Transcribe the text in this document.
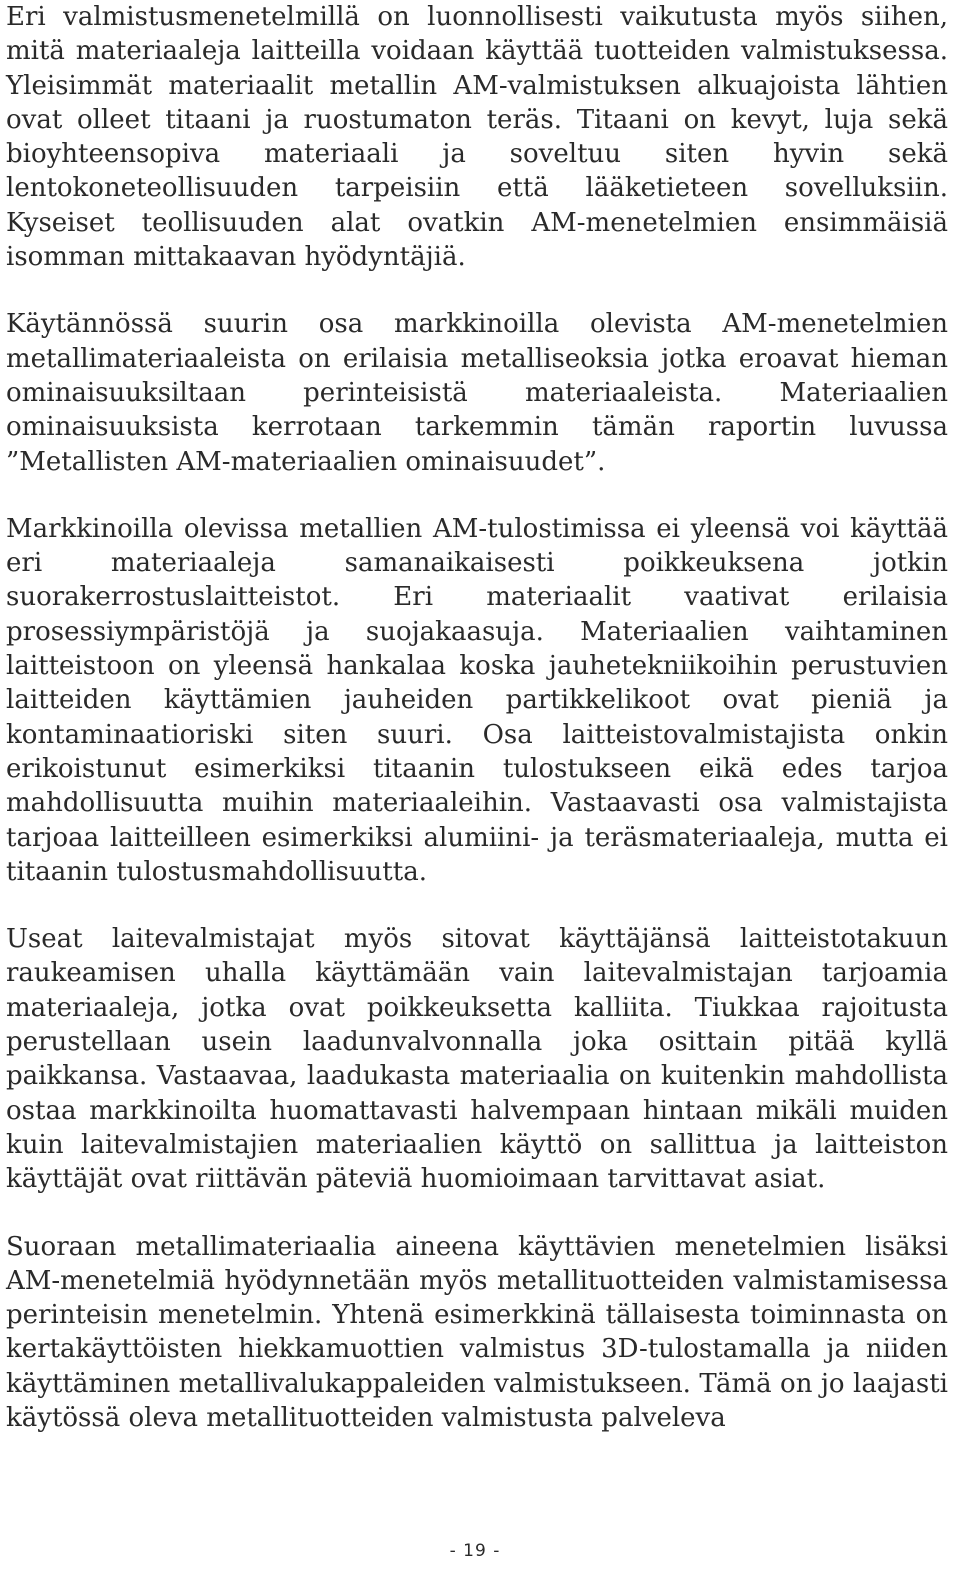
Eri valmistusmenetelmillä on luonnollisesti vaikutusta myös siihen, mitä materiaaleja laitteilla voidaan käyttää tuotteiden valmistuksessa. Yleisimmät materiaalit metallin AM-valmistuksen alkuajoista lähtien ovat olleet titaani ja ruostumaton teräs. Titaani on kevyt, luja sekä bioyhteensopiva materiaali ja soveltuu siten hyvin sekä lentokoneteollisuuden tarpeisiin että lääketieteen sovelluksiin. Kyseiset teollisuuden alat ovatkin AM-menetelmien ensimmäisiä isomman mittakaavan hyödyntäjiä.

Käytännössä suurin osa markkinoilla olevista AM-menetelmien metallimateriaaleista on erilaisia metalliseoksia jotka eroavat hieman ominaisuuksiltaan perinteisistä materiaaleista. Materiaalien ominaisuuksista kerrotaan tarkemmin tämän raportin luvussa ”Metallisten AM-materiaalien ominaisuudet”.

Markkinoilla olevissa metallien AM-tulostimissa ei yleensä voi käyttää eri materiaaleja samanaikaisesti poikkeuksena jotkin suorakerrostuslaitteistot. Eri materiaalit vaativat erilaisia prosessiympäristöjä ja suojakaasuja. Materiaalien vaihtaminen laitteistoon on yleensä hankalaa koska jauhetekniikoihin perustuvien laitteiden käyttämien jauheiden partikkelikoot ovat pieniä ja kontaminaatioriski siten suuri. Osa laitteistovalmistajista onkin erikoistunut esimerkiksi titaanin tulostukseen eikä edes tarjoa mahdollisuutta muihin materiaaleihin. Vastaavasti osa valmistajista tarjoaa laitteilleen esimerkiksi alumiini- ja teräsmateriaaleja, mutta ei titaanin tulostusmahdollisuutta.

Useat laitevalmistajat myös sitovat käyttäjänsä laitteistotakuun raukeamisen uhalla käyttämään vain laitevalmistajan tarjoamia materiaaleja, jotka ovat poikkeuksetta kalliita. Tiukkaa rajoitusta perustellaan usein laadunvalvonnalla joka osittain pitää kyllä paikkansa. Vastaavaa, laadukasta materiaalia on kuitenkin mahdollista ostaa markkinoilta huomattavasti halvempaan hintaan mikäli muiden kuin laitevalmistajien materiaalien käyttö on sallittua ja laitteiston käyttäjät ovat riittävän päteviä huomioimaan tarvittavat asiat.

Suoraan metallimateriaalia aineena käyttävien menetelmien lisäksi AM-menetelmiä hyödynnetään myös metallituotteiden valmistamisessa perinteisin menetelmin. Yhtenä esimerkkinä tällaisesta toiminnasta on kertakäyttöisten hiekkamuottien valmistus 3D-tulostamalla ja niiden käyttäminen metallivalukappaleiden valmistukseen. Tämä on jo laajasti käytössä oleva metallituotteiden valmistusta palveleva

- 19 -
